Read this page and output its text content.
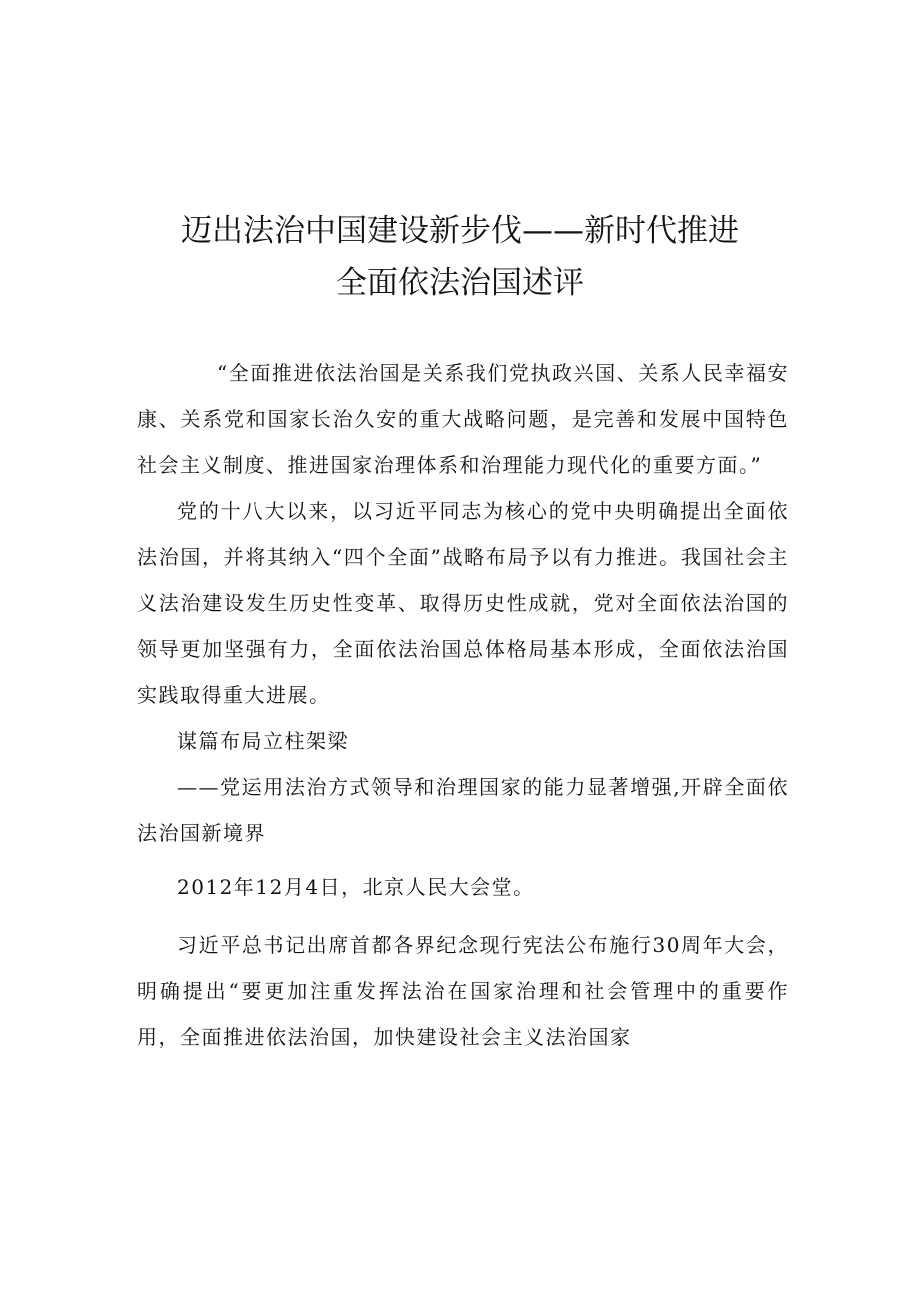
迈出法治中国建设新步伐——新时代推进
全面依法治国述评

“全面推进依法治国是关系我们党执政兴国、关系人民幸福安康、关系党和国家长治久安的重大战略问题，是完善和发展中国特色社会主义制度、推进国家治理体系和治理能力现代化的重要方面。”

党的十八大以来，以习近平同志为核心的党中央明确提出全面依法治国，并将其纳入“四个全面”战略布局予以有力推进。我国社会主义法治建设发生历史性变革、取得历史性成就，党对全面依法治国的领导更加坚强有力，全面依法治国总体格局基本形成，全面依法治国实践取得重大进展。

谋篇布局立柱架梁

——党运用法治方式领导和治理国家的能力显著增强,开辟全面依法治国新境界

2012年12月4日，北京人民大会堂。

习近平总书记出席首都各界纪念现行宪法公布施行30周年大会，明确提出“要更加注重发挥法治在国家治理和社会管理中的重要作用，全面推进依法治国，加快建设社会主义法治国家
